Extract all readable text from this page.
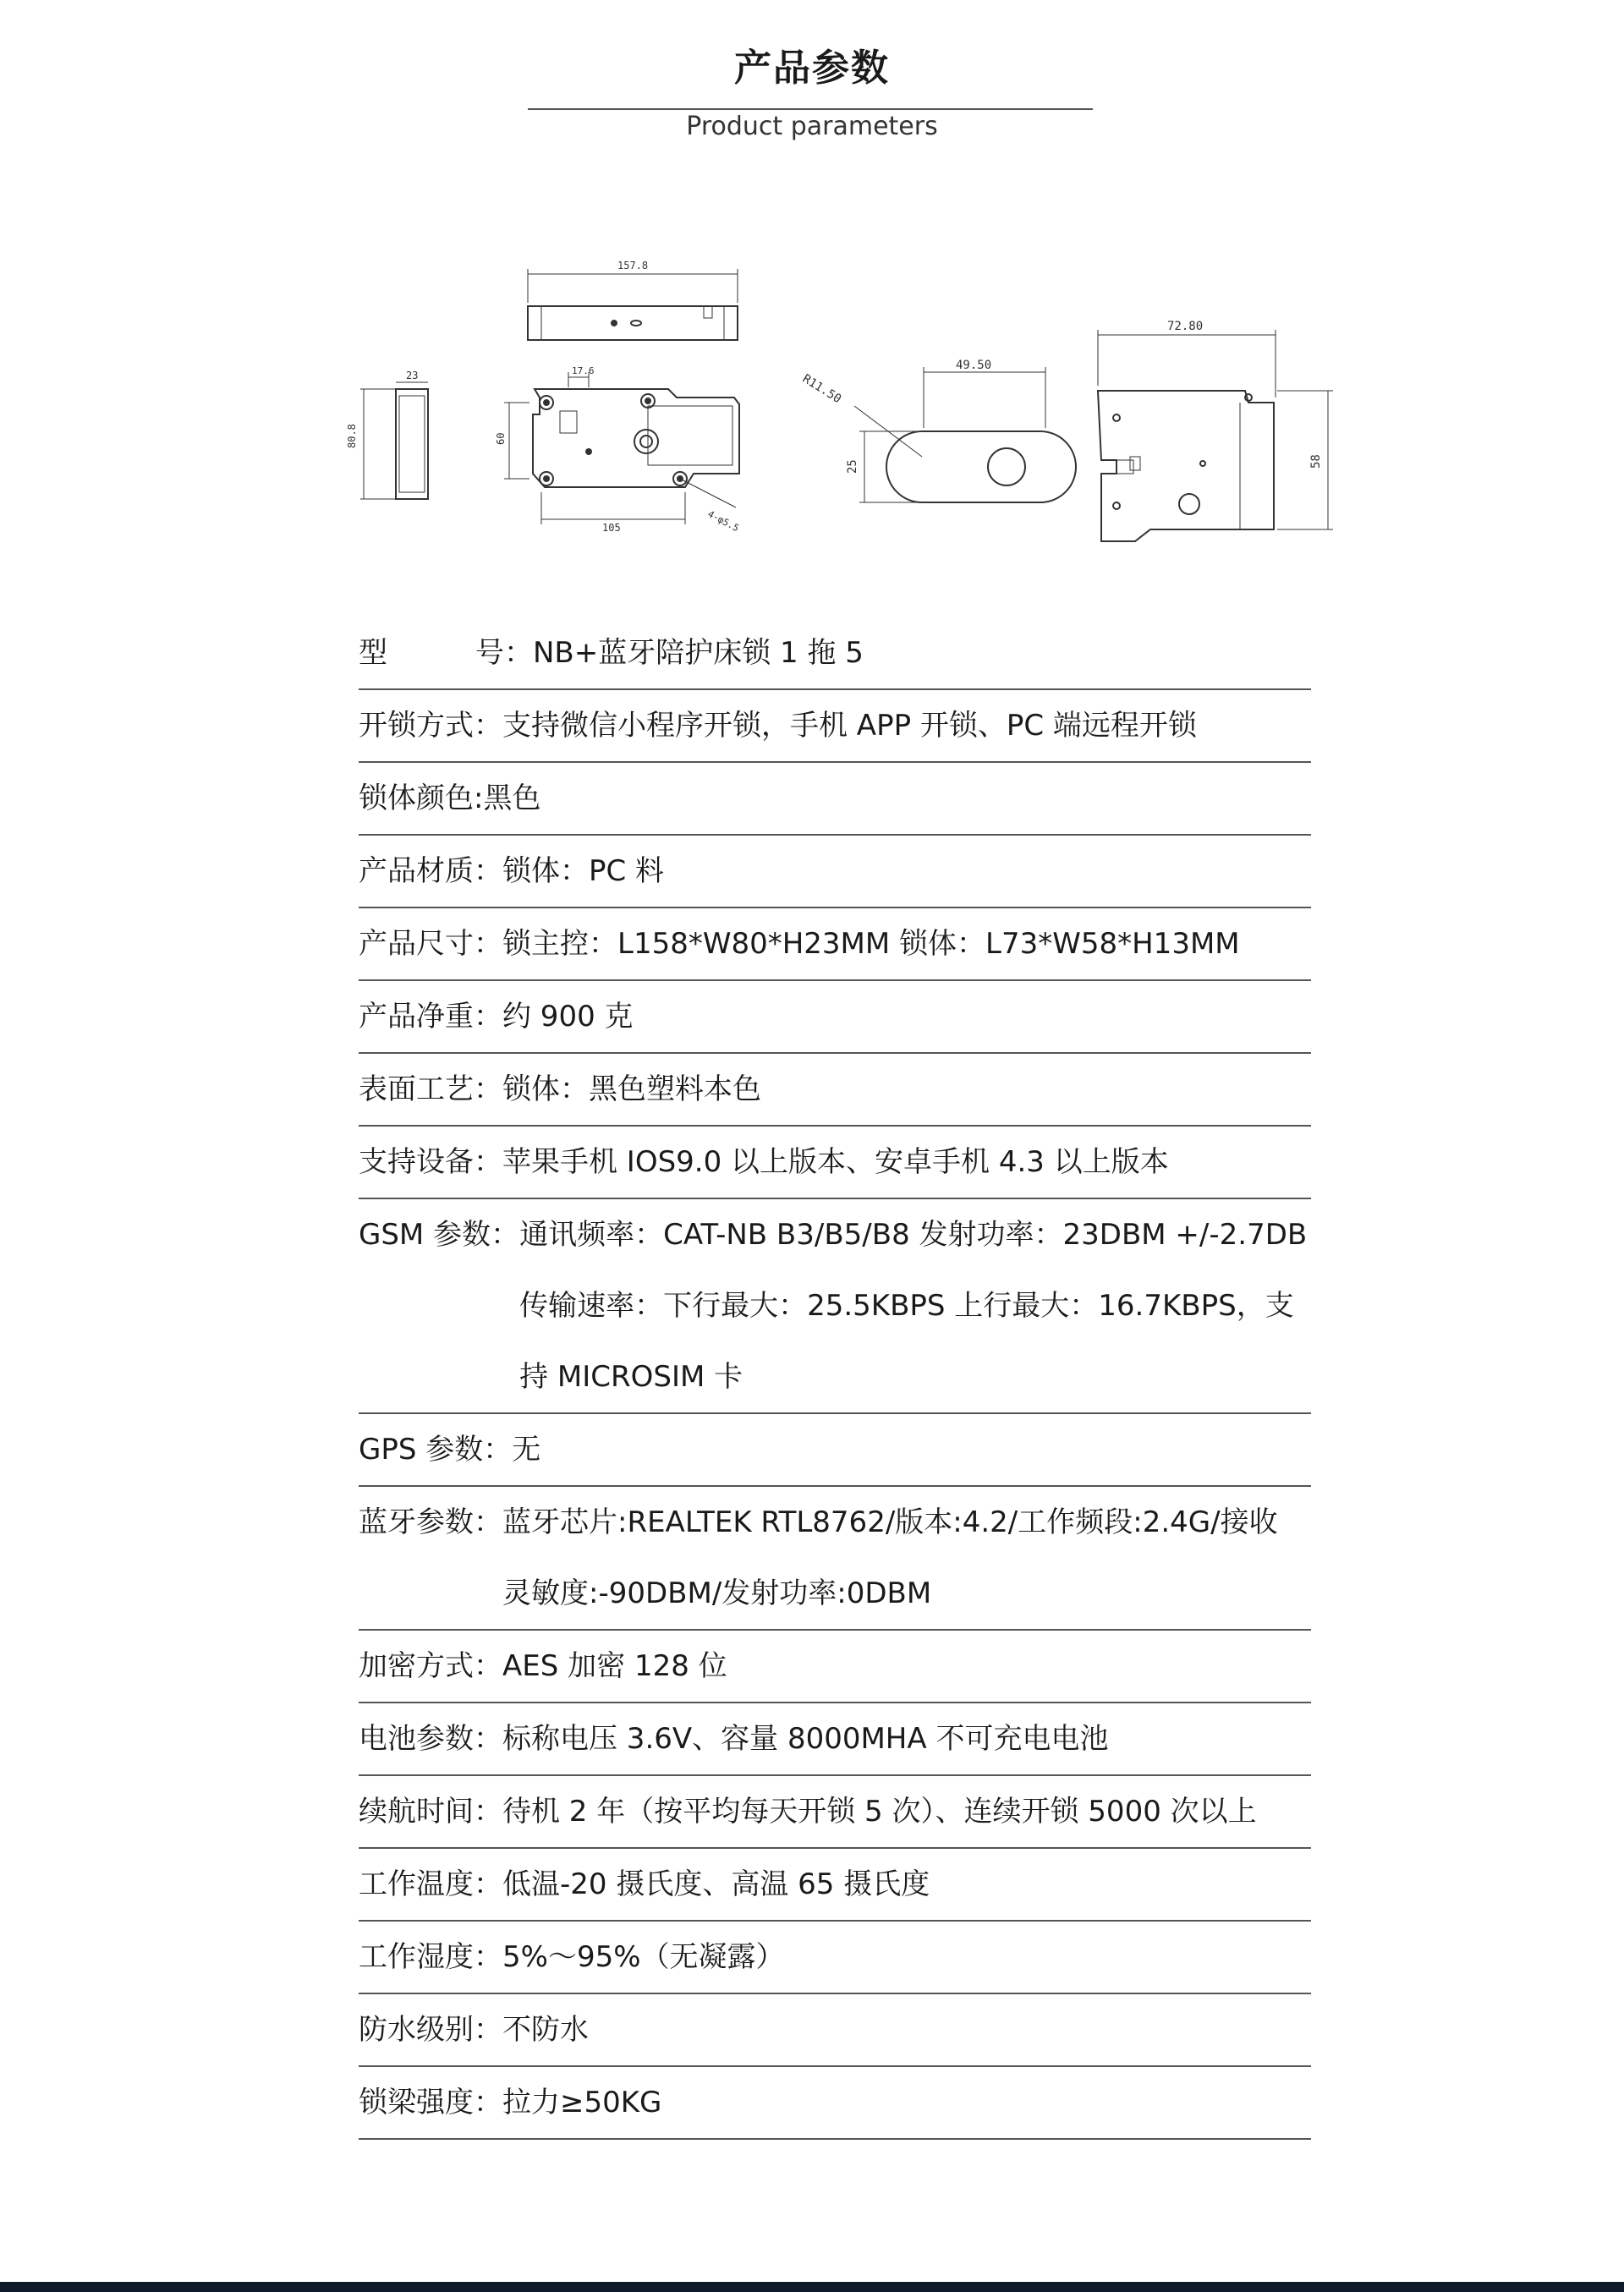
产品参数
Product parameters
23
80.8
157.8
17.6
60
105	4-φ5.5
49.50
25
R11.50
72.80
58
型	号 ： NB+蓝牙陪护床锁 1 拖 5
开锁方式 ： 支持微信小程序开锁，手机 APP 开锁、PC 端远程开锁
锁体颜色 : 黑色
产品材质 ： 锁体：PC 料
产品尺寸 ： 锁主控：L158*W80*H23MM 锁体：L73*W58*H13MM
产品净重 ： 约 900 克
表面工艺 ： 锁体：黑色塑料本色
支持设备 ： 苹果手机 IOS9.0 以上版本、安卓手机 4.3 以上版本
GSM 参数 ： 通讯频率：CAT-NB B3/B5/B8 发射功率：23DBM +/-2.7DB
传输速率：下行最大：25.5KBPS 上行最大：16.7KBPS，支
持 MICROSIM 卡
GPS 参数 ： 无
蓝牙参数 ： 蓝牙芯片:REALTEK RTL8762/版本:4.2/工作频段:2.4G/接收
灵敏度:-90DBM/发射功率:0DBM
加密方式 ： AES 加密 128 位
电池参数 ： 标称电压 3.6V、容量 8000MHA 不可充电电池
续航时间 ： 待机 2 年（按平均每天开锁 5 次）、连续开锁 5000 次以上
工作温度 ： 低温-20 摄氏度、高温 65 摄氏度
工作湿度 ： 5%～95%（无凝露）
防水级别 ： 不防水
锁梁强度 ： 拉力≥50KG
